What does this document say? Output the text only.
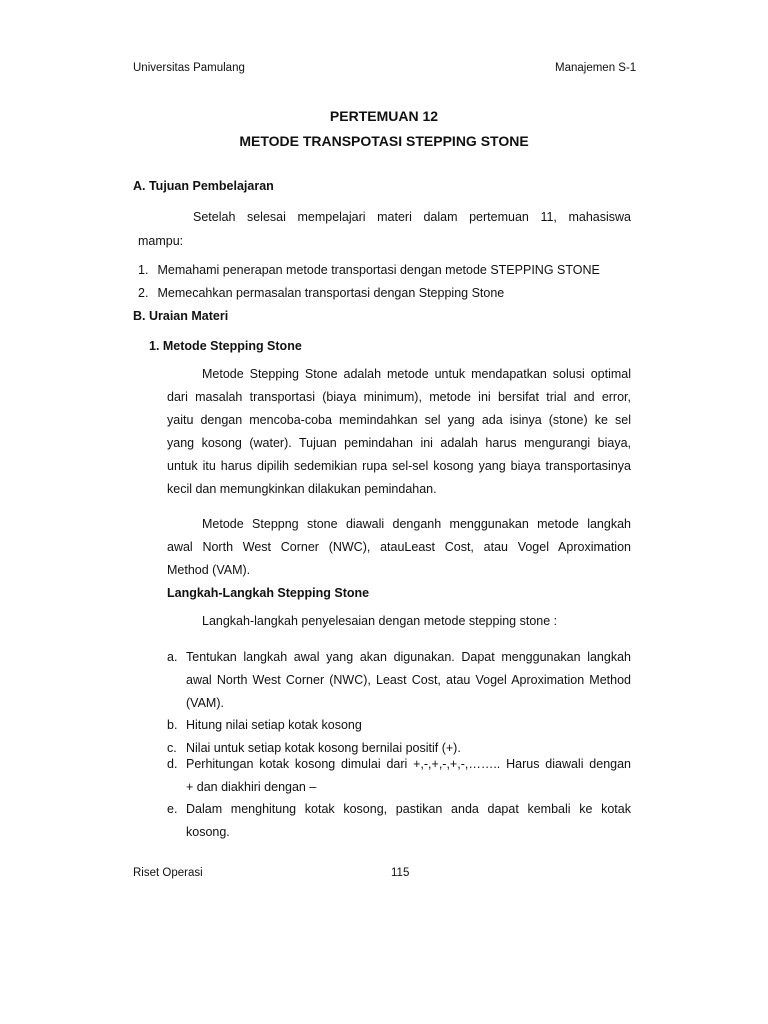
Universitas Pamulang	Manajemen S-1
PERTEMUAN 12
METODE TRANSPOTASI STEPPING STONE
A. Tujuan Pembelajaran
Setelah selesai mempelajari materi dalam pertemuan 11, mahasiswa
mampu:
1. Memahami penerapan metode transportasi dengan metode STEPPING STONE
2. Memecahkan permasalan transportasi dengan Stepping Stone
B. Uraian Materi
1. Metode Stepping Stone
Metode Stepping Stone adalah metode untuk mendapatkan solusi optimal
dari masalah transportasi (biaya minimum), metode ini bersifat trial and error,
yaitu dengan mencoba-coba memindahkan sel yang ada isinya (stone) ke sel
yang kosong (water). Tujuan pemindahan ini adalah harus mengurangi biaya,
untuk itu harus dipilih sedemikian rupa sel-sel kosong yang biaya transportasinya
kecil dan memungkinkan dilakukan pemindahan.
Metode Steppng stone diawali denganh menggunakan metode langkah
awal North West Corner (NWC), atauLeast Cost, atau Vogel Aproximation
Method (VAM).
Langkah-Langkah Stepping Stone
Langkah-langkah penyelesaian dengan metode stepping stone :
a. Tentukan langkah awal yang akan digunakan. Dapat menggunakan langkah
awal North West Corner (NWC), Least Cost, atau Vogel Aproximation Method
(VAM).
b. Hitung nilai setiap kotak kosong
c. Nilai untuk setiap kotak kosong bernilai positif (+).
d. Perhitungan kotak kosong dimulai dari +,-,+,-,+,-,…….. Harus diawali dengan
+ dan diakhiri dengan –
e. Dalam menghitung kotak kosong, pastikan anda dapat kembali ke kotak
kosong.
Riset Operasi	115
